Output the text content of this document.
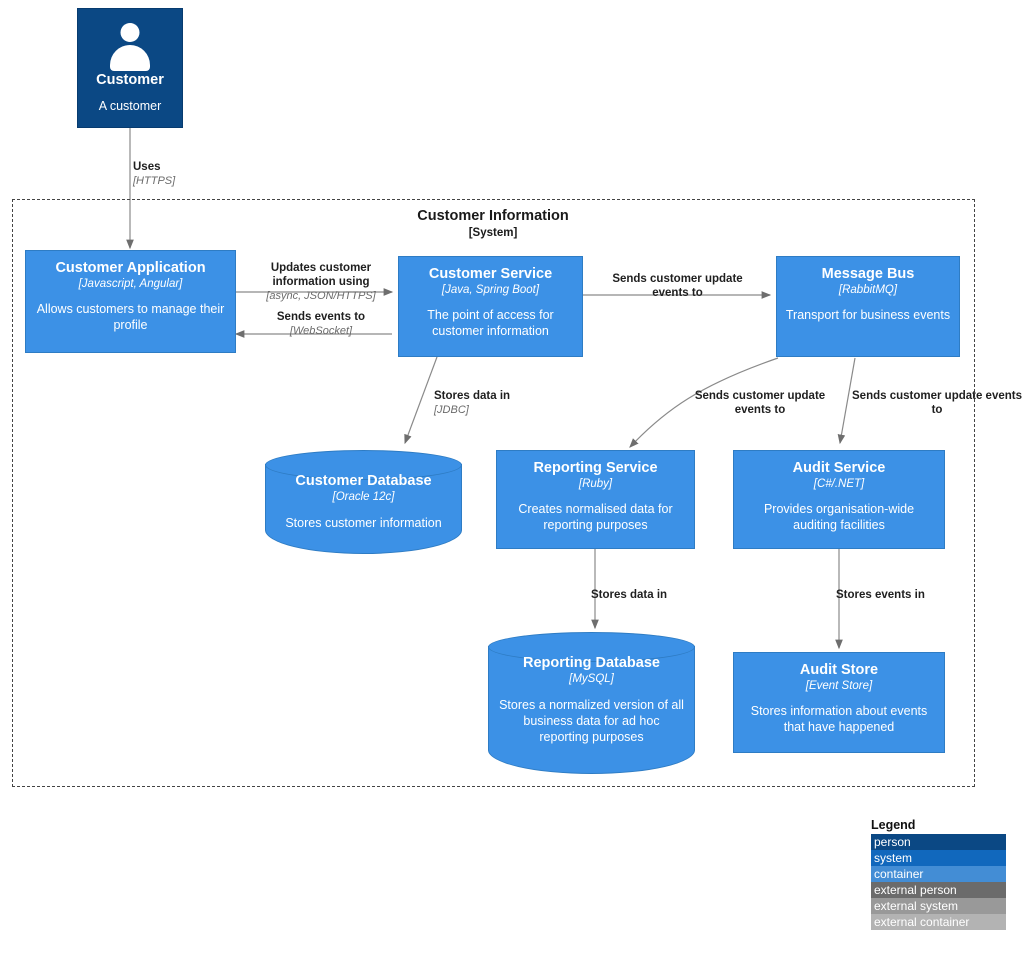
Customer Information
[System]
Customer
A customer
Customer Application
[Javascript, Angular]
Allows customers to manage their profile
Customer Service
[Java, Spring Boot]
The point of access for customer information
Message Bus
[RabbitMQ]
Transport for business events
Customer Database
[Oracle 12c]
Stores customer information
Reporting Service
[Ruby]
Creates normalised data for reporting purposes
Audit Service
[C#/.NET]
Provides organisation-wide auditing facilities
Reporting Database
[MySQL]
Stores a normalized version of all business data for ad hoc reporting purposes
Audit Store
[Event Store]
Stores information about events that have happened
Uses
[HTTPS]
Updates customer information using
[async, JSON/HTTPS]
Sends events to
[WebSocket]
Sends customer update events to
Stores data in
[JDBC]
Sends customer update events to
Sends customer update events to
Stores data in	Stores events in
Legend
person
system
container
external person
external system
external container
